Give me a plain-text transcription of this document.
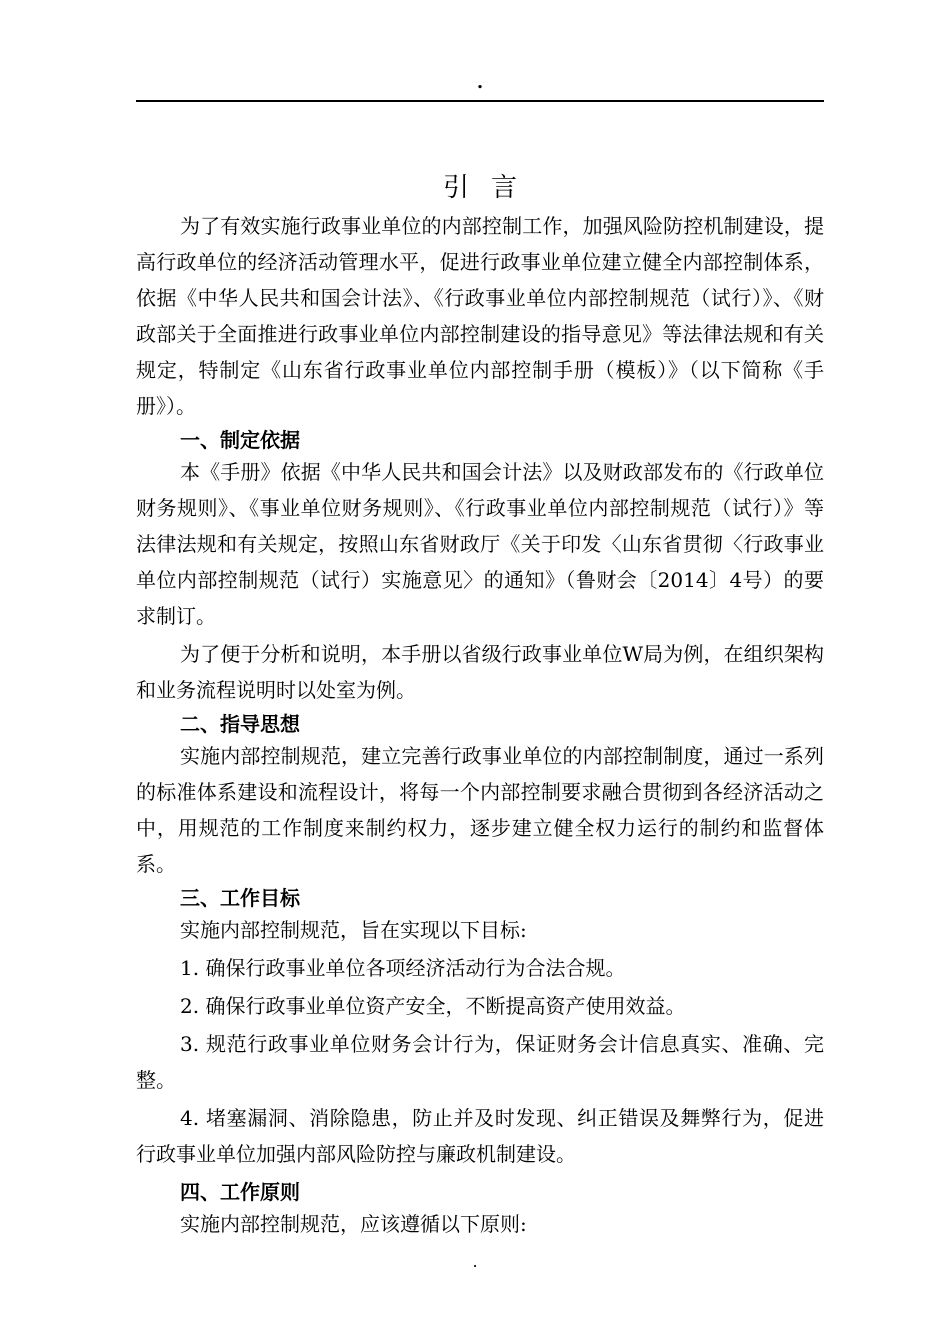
.
引言

为了有效实施行政事业单位的内部控制工作，加强风险防控机制建设，提高行政单位的经济活动管理水平，促进行政事业单位建立健全内部控制体系，依据《中华人民共和国会计法》、《行政事业单位内部控制规范（试行）》、《财政部关于全面推进行政事业单位内部控制建设的指导意见》等法律法规和有关规定，特制定《山东省行政事业单位内部控制手册（模板）》（以下简称《手册》）。

一、制定依据

本《手册》依据《中华人民共和国会计法》以及财政部发布的《行政单位财务规则》、《事业单位财务规则》、《行政事业单位内部控制规范（试行）》等法律法规和有关规定，按照山东省财政厅《关于印发〈山东省贯彻〈行政事业单位内部控制规范（试行）实施意见〉的通知》（鲁财会〔2014〕4号）的要求制订。

为了便于分析和说明，本手册以省级行政事业单位W局为例，在组织架构和业务流程说明时以处室为例。

二、指导思想

实施内部控制规范，建立完善行政事业单位的内部控制制度，通过一系列的标准体系建设和流程设计，将每一个内部控制要求融合贯彻到各经济活动之中，用规范的工作制度来制约权力，逐步建立健全权力运行的制约和监督体系。

三、工作目标

实施内部控制规范，旨在实现以下目标:

1. 确保行政事业单位各项经济活动行为合法合规。

2. 确保行政事业单位资产安全，不断提高资产使用效益。

3. 规范行政事业单位财务会计行为，保证财务会计信息真实、准确、完整。

4. 堵塞漏洞、消除隐患，防止并及时发现、纠正错误及舞弊行为，促进行政事业单位加强内部风险防控与廉政机制建设。

四、工作原则

实施内部控制规范，应该遵循以下原则:

.
